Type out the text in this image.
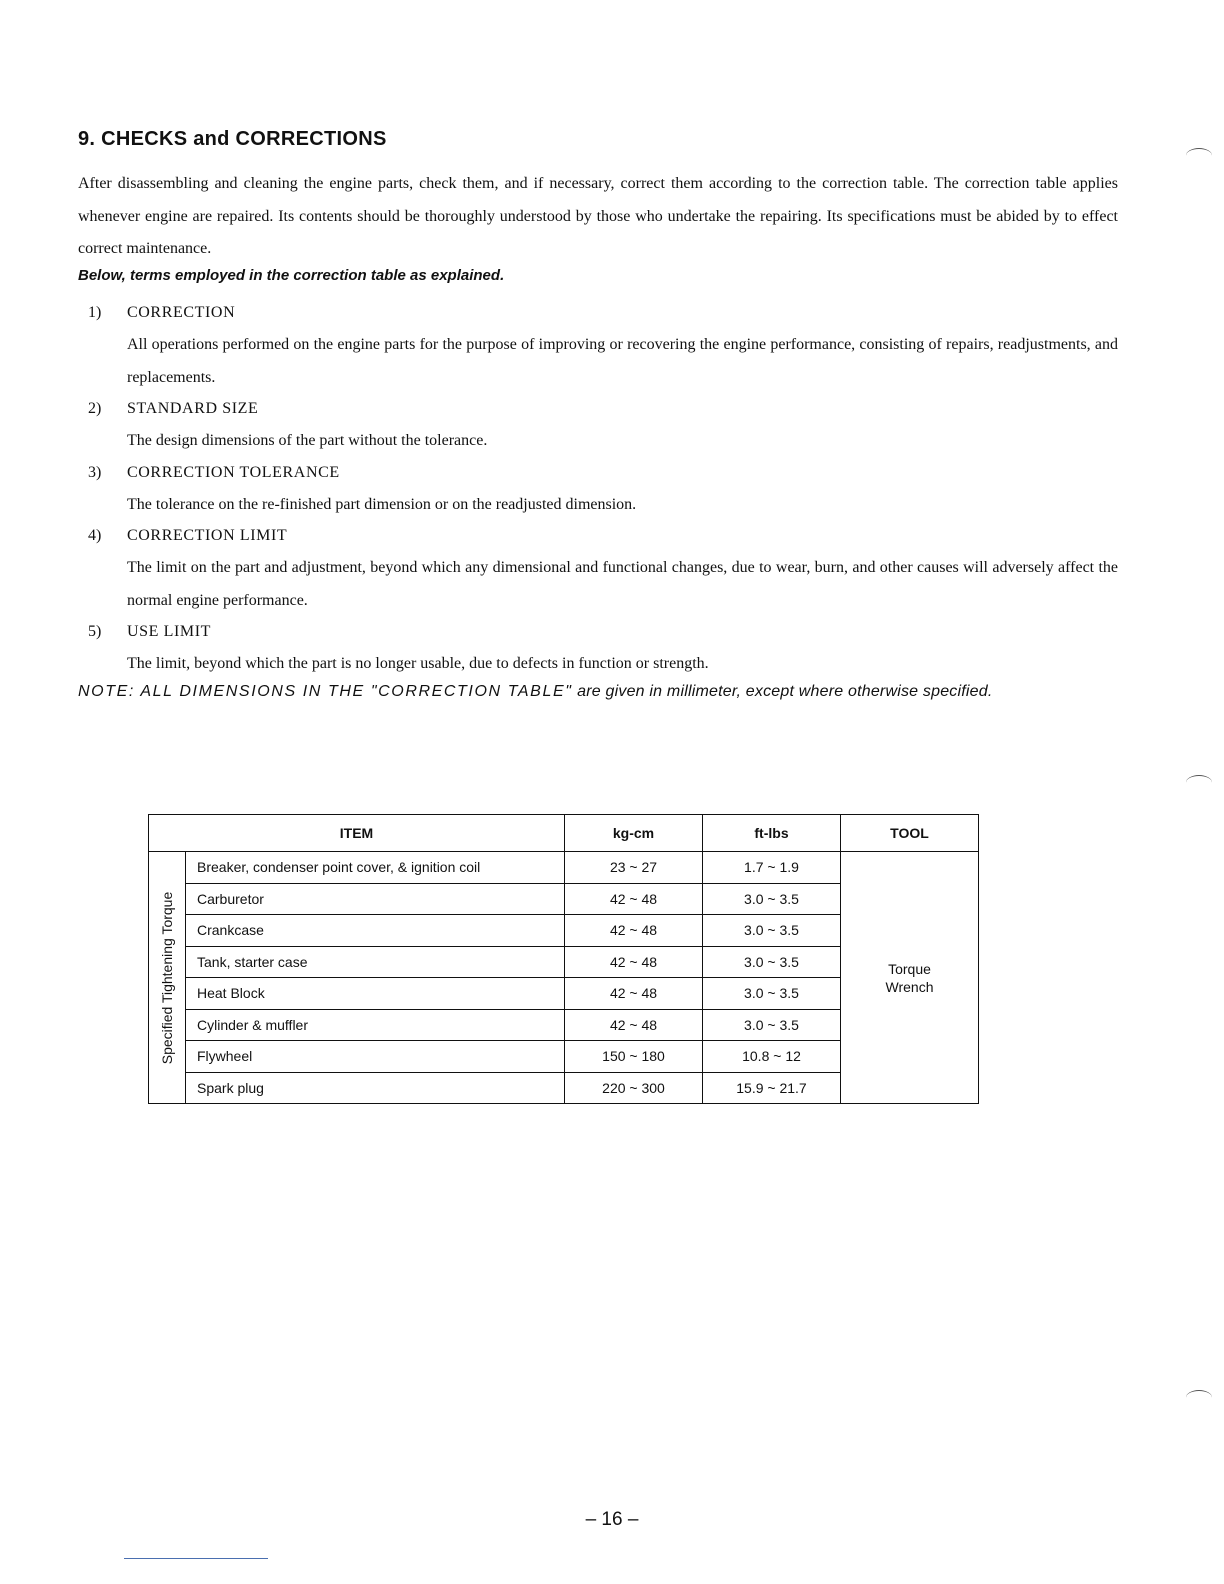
9. CHECKS and CORRECTIONS
After disassembling and cleaning the engine parts, check them, and if necessary, correct them according to the correction table. The correction table applies whenever engine are repaired. Its contents should be thoroughly understood by those who undertake the repairing. Its specifications must be abided by to effect correct maintenance.
Below, terms employed in the correction table as explained.
1) CORRECTION
All operations performed on the engine parts for the purpose of improving or recovering the engine performance, consisting of repairs, readjustments, and replacements.
2) STANDARD SIZE
The design dimensions of the part without the tolerance.
3) CORRECTION TOLERANCE
The tolerance on the re-finished part dimension or on the readjusted dimension.
4) CORRECTION LIMIT
The limit on the part and adjustment, beyond which any dimensional and functional changes, due to wear, burn, and other causes will adversely affect the normal engine performance.
5) USE LIMIT
The limit, beyond which the part is no longer usable, due to defects in function or strength.
NOTE: ALL DIMENSIONS IN THE "CORRECTION TABLE" are given in millimeter, except where otherwise specified.
ITEM		kg-cm	ft-lbs	TOOL

Specified Tightening Torque	Breaker, condenser point cover, & ignition coil	23 ~ 27	1.7 ~ 1.9	Torque Wrench
	Carburetor	42 ~ 48	3.0 ~ 3.5	
	Crankcase	42 ~ 48	3.0 ~ 3.5	
	Tank, starter case	42 ~ 48	3.0 ~ 3.5	
	Heat Block	42 ~ 48	3.0 ~ 3.5	
	Cylinder & muffler	42 ~ 48	3.0 ~ 3.5	
	Flywheel	150 ~ 180	10.8 ~ 12	
	Spark plug	220 ~ 300	15.9 ~ 21.7	
– 16 –
